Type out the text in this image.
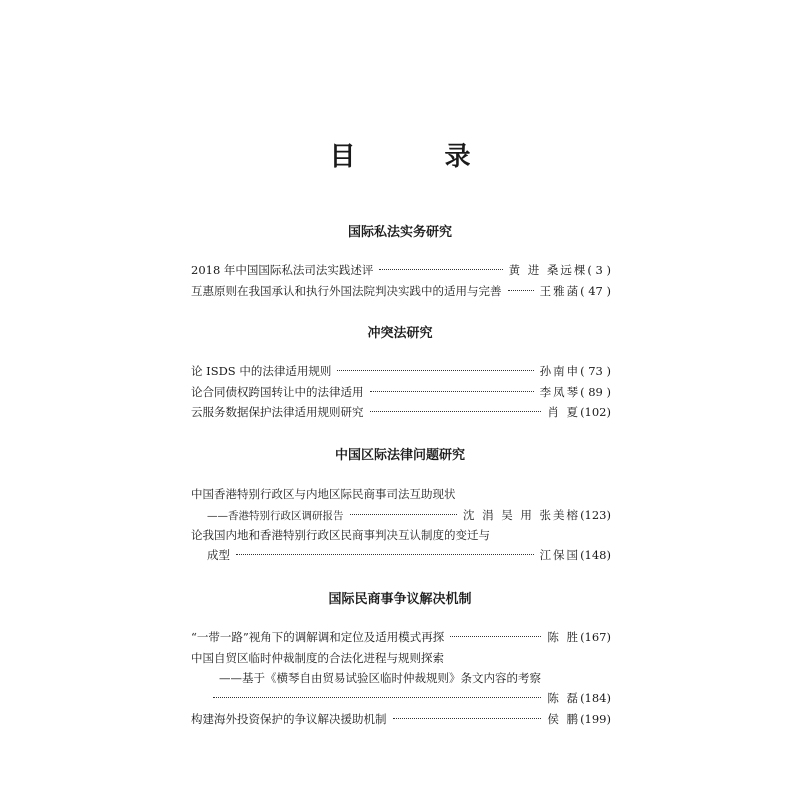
目 录
国际私法实务研究
2018 年中国国际私法司法实践述评	黄 进 桑远棵 ( 3 )
互惠原则在我国承认和执行外国法院判决实践中的适用与完善	王雅菡 ( 47 )
冲突法研究
论 ISDS 中的法律适用规则	孙南申 ( 73 )
论合同债权跨国转让中的法律适用	李凤琴 ( 89 )
云服务数据保护法律适用规则研究	肖 夏 (102)
中国区际法律问题研究
中国香港特别行政区与内地区际民商事司法互助现状
——香港特别行政区调研报告	沈 涓 吴 用 张美榕 (123)
论我国内地和香港特别行政区民商事判决互认制度的变迁与
成型	江保国 (148)
国际民商事争议解决机制
“一带一路”视角下的调解调和定位及适用模式再探	陈 胜 (167)
中国自贸区临时仲裁制度的合法化进程与规则探索
——基于《横琴自由贸易试验区临时仲裁规则》条文内容的考察
陈 磊 (184)
构建海外投资保护的争议解决援助机制	侯 鹏 (199)
